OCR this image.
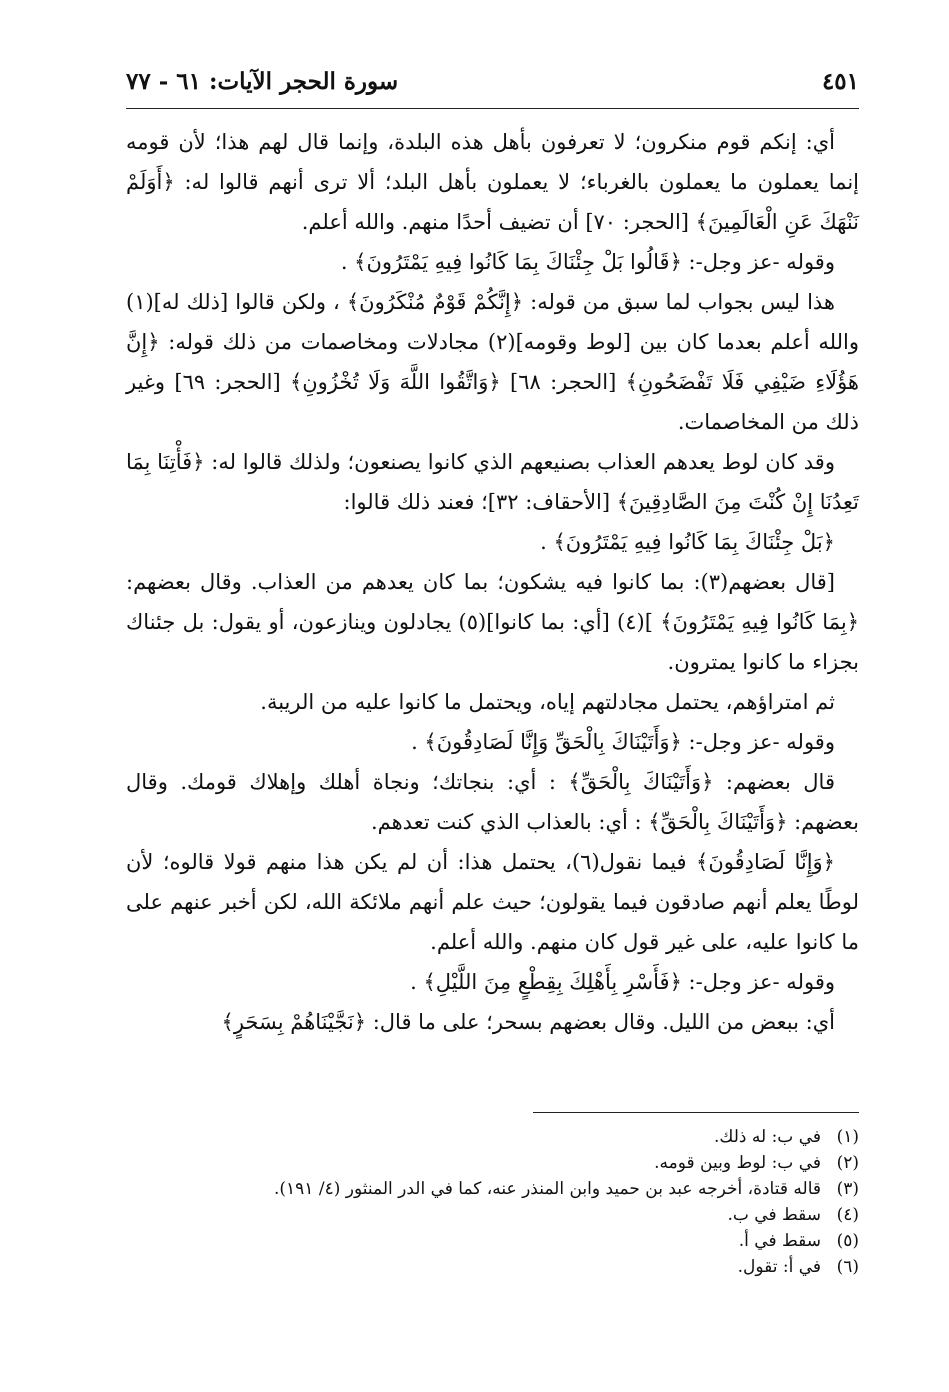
سورة الحجر الآيات: ٦١ - ٧٧	٤٥١

أي: إنكم قوم منكرون؛ لا تعرفون بأهل هذه البلدة، وإنما قال لهم هذا؛ لأن قومه إنما يعملون ما يعملون بالغرباء؛ لا يعملون بأهل البلد؛ ألا ترى أنهم قالوا له: ﴿أَوَلَمْ نَنْهَكَ عَنِ الْعَالَمِينَ﴾ [الحجر: ٧٠] أن تضيف أحدًا منهم. والله أعلم.

وقوله -عز وجل-: ﴿قَالُوا بَلْ جِئْنَاكَ بِمَا كَانُوا فِيهِ يَمْتَرُونَ﴾ .

هذا ليس بجواب لما سبق من قوله: ﴿إِنَّكُمْ قَوْمٌ مُنْكَرُونَ﴾ ، ولكن قالوا [ذلك له](١) والله أعلم بعدما كان بين [لوط وقومه](٢) مجادلات ومخاصمات من ذلك قوله: ﴿إِنَّ هَؤُلَاءِ ضَيْفِي فَلَا تَفْضَحُونِ﴾ [الحجر: ٦٨] ﴿وَاتَّقُوا اللَّهَ وَلَا تُخْزُونِ﴾ [الحجر: ٦٩] وغير ذلك من المخاصمات.

وقد كان لوط يعدهم العذاب بصنيعهم الذي كانوا يصنعون؛ ولذلك قالوا له: ﴿فَأْتِنَا بِمَا تَعِدُنَا إِنْ كُنْتَ مِنَ الصَّادِقِينَ﴾ [الأحقاف: ٣٢]؛ فعند ذلك قالوا:

﴿بَلْ جِئْنَاكَ بِمَا كَانُوا فِيهِ يَمْتَرُونَ﴾ .

[قال بعضهم(٣): بما كانوا فيه يشكون؛ بما كان يعدهم من العذاب. وقال بعضهم: ﴿بِمَا كَانُوا فِيهِ يَمْتَرُونَ﴾ ](٤) [أي: بما كانوا](٥) يجادلون وينازعون، أو يقول: بل جئناك بجزاء ما كانوا يمترون.

ثم امتراؤهم، يحتمل مجادلتهم إياه، ويحتمل ما كانوا عليه من الريبة.

وقوله -عز وجل-: ﴿وَأَتَيْنَاكَ بِالْحَقِّ وَإِنَّا لَصَادِقُونَ﴾ .

قال بعضهم: ﴿وَأَتَيْنَاكَ بِالْحَقِّ﴾ : أي: بنجاتك؛ ونجاة أهلك وإهلاك قومك. وقال بعضهم: ﴿وَأَتَيْنَاكَ بِالْحَقِّ﴾ : أي: بالعذاب الذي كنت تعدهم.

﴿وَإِنَّا لَصَادِقُونَ﴾ فيما نقول(٦)، يحتمل هذا: أن لم يكن هذا منهم قولا قالوه؛ لأن لوطًا يعلم أنهم صادقون فيما يقولون؛ حيث علم أنهم ملائكة الله، لكن أخبر عنهم على ما كانوا عليه، على غير قول كان منهم. والله أعلم.

وقوله -عز وجل-: ﴿فَأَسْرِ بِأَهْلِكَ بِقِطْعٍ مِنَ اللَّيْلِ﴾ .

أي: ببعض من الليل. وقال بعضهم بسحر؛ على ما قال: ﴿نَجَّيْنَاهُمْ بِسَحَرٍ﴾

(١)
في ب: له ذلك.
(٢)
في ب: لوط وبين قومه.
(٣)
قاله قتادة، أخرجه عبد بن حميد وابن المنذر عنه، كما في الدر المنثور (٤/ ١٩١).
(٤)
سقط في ب.
(٥)
سقط في أ.
(٦)
في أ: تقول.
